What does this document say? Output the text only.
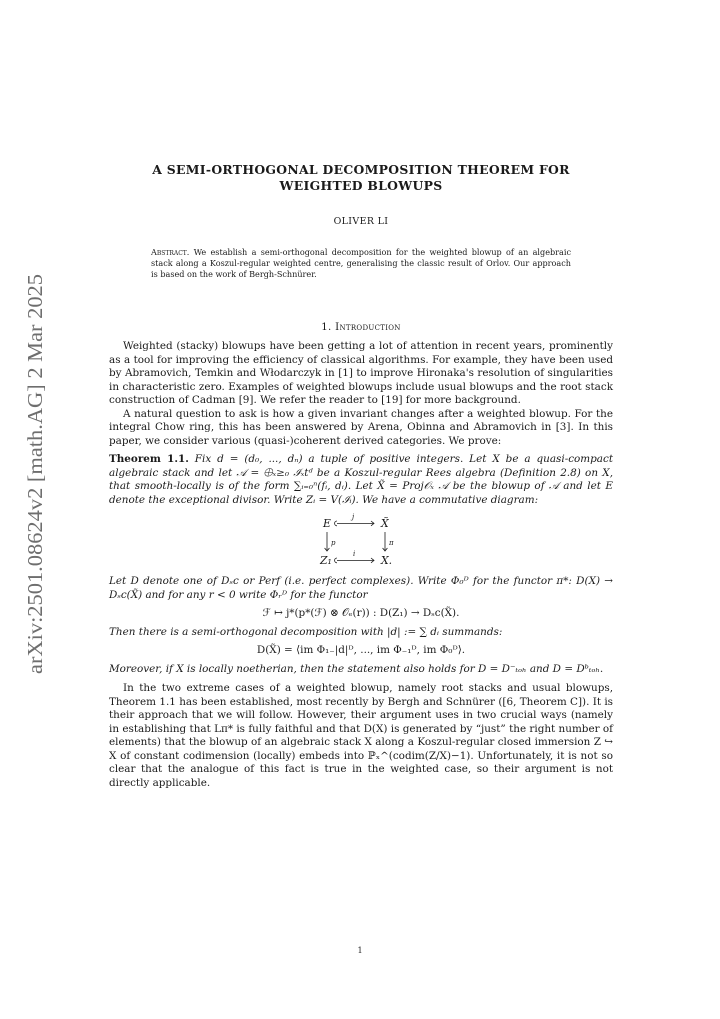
arXiv:2501.08624v2 [math.AG] 2 Mar 2025
A SEMI-ORTHOGONAL DECOMPOSITION THEOREM FOR
WEIGHTED BLOWUPS
OLIVER LI
Abstract. We establish a semi-orthogonal decomposition for the weighted blowup of an algebraic stack along a Koszul-regular weighted centre, generalising the classic result of Orlov. Our approach is based on the work of Bergh-Schnürer.
1. Introduction

Weighted (stacky) blowups have been getting a lot of attention in recent years, prominently as a tool for improving the efficiency of classical algorithms. For example, they have been used by Abramovich, Temkin and Włodarczyk in [1] to improve Hironaka's resolution of singularities in characteristic zero. Examples of weighted blowups include usual blowups and the root stack construction of Cadman [9]. We refer the reader to [19] for more background.

A natural question to ask is how a given invariant changes after a weighted blowup. For the integral Chow ring, this has been answered by Arena, Obinna and Abramovich in [3]. In this paper, we consider various (quasi-)coherent derived categories. We prove:

Theorem 1.1. Fix d = (d₀, ..., dₙ) a tuple of positive integers. Let X be a quasi-compact algebraic stack and let 𝒜 = ⨁ₓ≥₀ ℐₓtᵈ be a Koszul-regular Rees algebra (Definition 2.8) on X, that smooth-locally is of the form ∑ᵢ₌₀ⁿ(fᵢ, dᵢ). Let X̃ = Proj𝒪ₓ 𝒜 be the blowup of 𝒜 and let E denote the exceptional divisor. Write Zᵢ = V(ℐᵢ). We have a commutative diagram:

E	X̃
Z₁	X.
j
p	π
i

Let D denote one of Dₛc or Perf (i.e. perfect complexes). Write Φ₀ᴰ for the functor π*: D(X) → Dₛc(X̃) and for any r < 0 write Φᵣᴰ for the functor

ℱ ↦ j*(p*(ℱ) ⊗ 𝒪ₑ(r)) : D(Z₁) → Dₛc(X̃).

Then there is a semi-orthogonal decomposition with |d| := ∑ dᵢ summands:

D(X̃) = ⟨im Φ₁₋|d|ᴰ, ..., im Φ₋₁ᴰ, im Φ₀ᴰ⟩.

Moreover, if X is locally noetherian, then the statement also holds for D = D⁻ₜₒₕ and D = Dᵇₜₒₕ.

In the two extreme cases of a weighted blowup, namely root stacks and usual blowups, Theorem 1.1 has been established, most recently by Bergh and Schnürer ([6, Theorem C]). It is their approach that we will follow. However, their argument uses in two crucial ways (namely in establishing that Lπ* is fully faithful and that D(X) is generated by “just” the right number of elements) that the blowup of an algebraic stack X along a Koszul-regular closed immersion Z ↪ X of constant codimension (locally) embeds into ℙₓ^(codim(Z/X)−1). Unfortunately, it is not so clear that the analogue of this fact is true in the weighted case, so their argument is not directly applicable.

1
